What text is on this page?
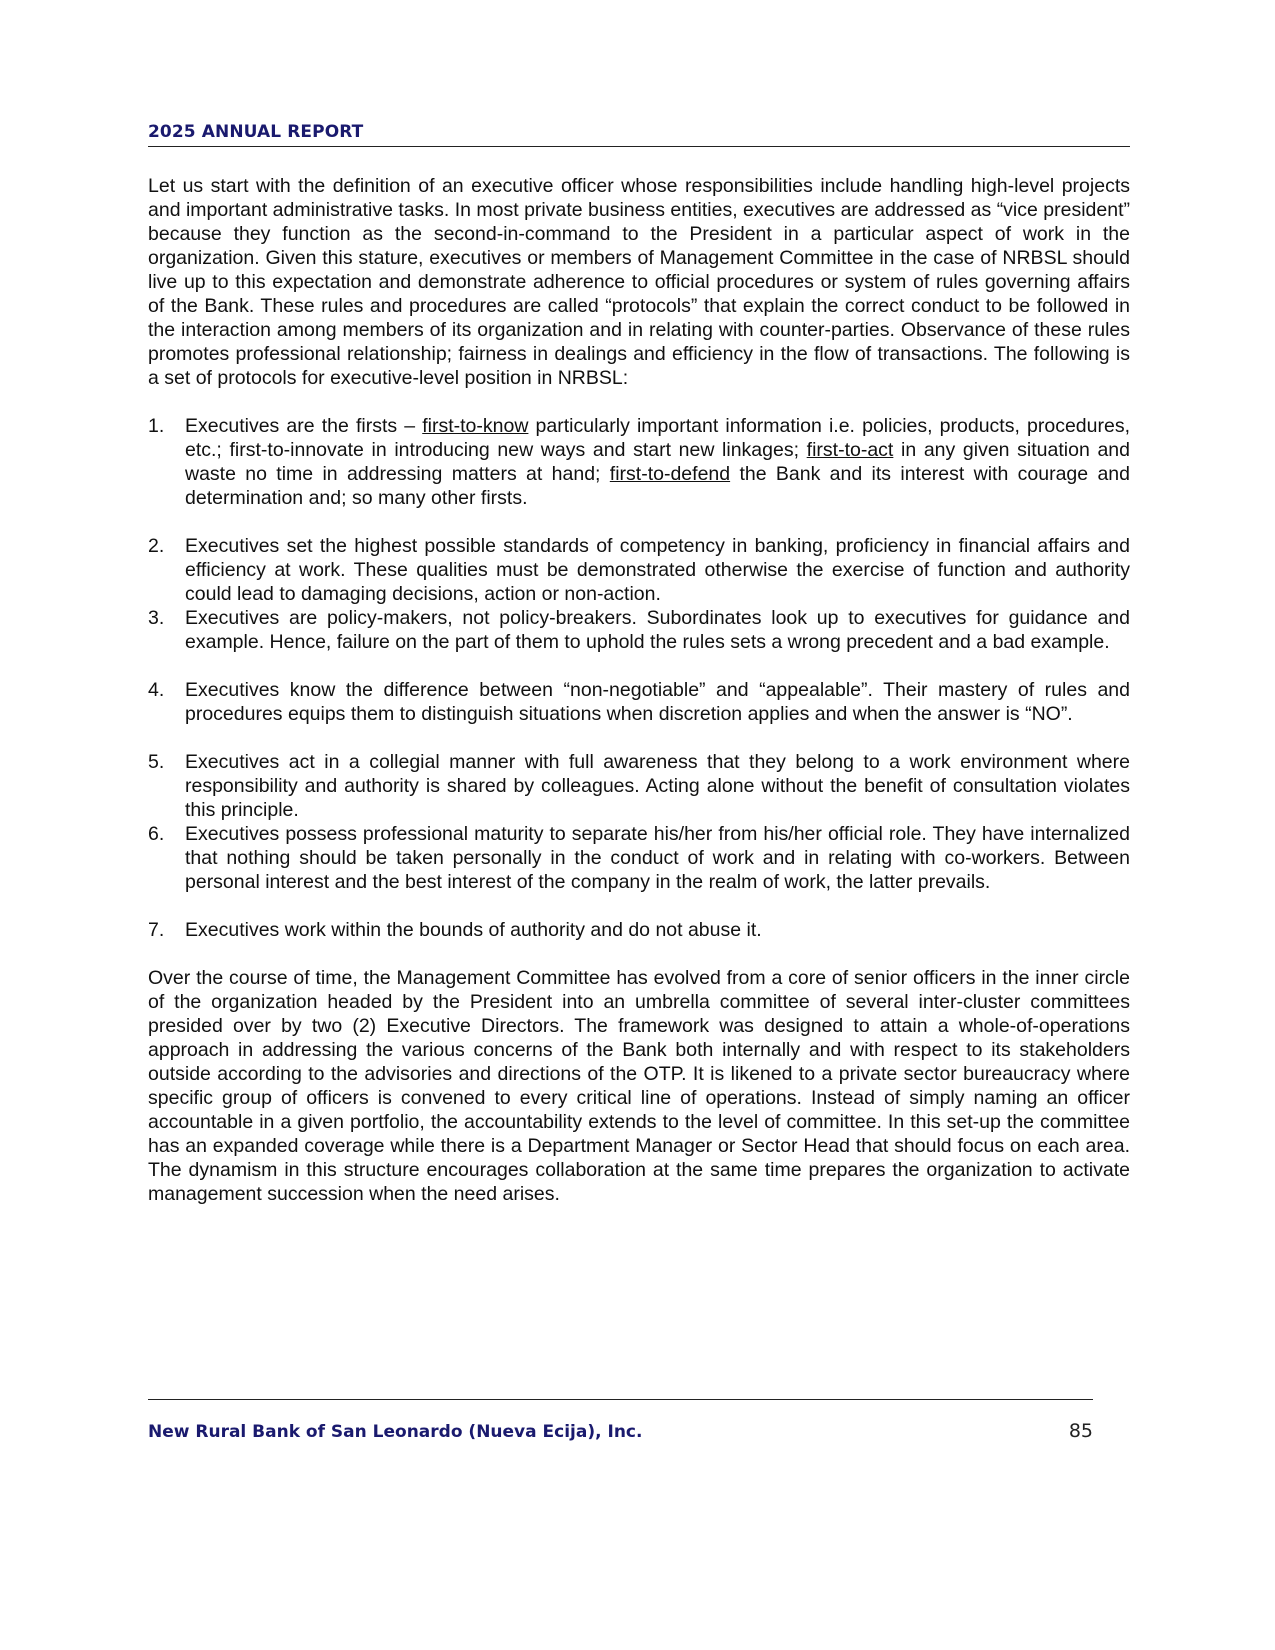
2025 ANNUAL REPORT

Let us start with the definition of an executive officer whose responsibilities include handling high-level projects and important administrative tasks. In most private business entities, executives are addressed as “vice president” because they function as the second-in-command to the President in a particular aspect of work in the organization. Given this stature, executives or members of Management Committee in the case of NRBSL should live up to this expectation and demonstrate adherence to official procedures or system of rules governing affairs of the Bank. These rules and procedures are called “protocols” that explain the correct conduct to be followed in the interaction among members of its organization and in relating with counter-parties. Observance of these rules promotes professional relationship; fairness in dealings and efficiency in the flow of transactions. The following is a set of protocols for executive-level position in NRBSL:

1. Executives are the firsts – first-to-know particularly important information i.e. policies, products, procedures, etc.; first-to-innovate in introducing new ways and start new linkages; first-to-act in any given situation and waste no time in addressing matters at hand; first-to-defend the Bank and its interest with courage and determination and; so many other firsts.
2. Executives set the highest possible standards of competency in banking, proficiency in financial affairs and efficiency at work. These qualities must be demonstrated otherwise the exercise of function and authority could lead to damaging decisions, action or non-action.
3. Executives are policy-makers, not policy-breakers. Subordinates look up to executives for guidance and example. Hence, failure on the part of them to uphold the rules sets a wrong precedent and a bad example.
4. Executives know the difference between “non-negotiable” and “appealable”. Their mastery of rules and procedures equips them to distinguish situations when discretion applies and when the answer is “NO”.
5. Executives act in a collegial manner with full awareness that they belong to a work environment where responsibility and authority is shared by colleagues. Acting alone without the benefit of consultation violates this principle.
6. Executives possess professional maturity to separate his/her from his/her official role. They have internalized that nothing should be taken personally in the conduct of work and in relating with co-workers. Between personal interest and the best interest of the company in the realm of work, the latter prevails.
7. Executives work within the bounds of authority and do not abuse it.

Over the course of time, the Management Committee has evolved from a core of senior officers in the inner circle of the organization headed by the President into an umbrella committee of several inter-cluster committees presided over by two (2) Executive Directors. The framework was designed to attain a whole-of-operations approach in addressing the various concerns of the Bank both internally and with respect to its stakeholders outside according to the advisories and directions of the OTP. It is likened to a private sector bureaucracy where specific group of officers is convened to every critical line of operations. Instead of simply naming an officer accountable in a given portfolio, the accountability extends to the level of committee. In this set-up the committee has an expanded coverage while there is a Department Manager or Sector Head that should focus on each area. The dynamism in this structure encourages collaboration at the same time prepares the organization to activate management succession when the need arises.

New Rural Bank of San Leonardo (Nueva Ecija), Inc.	85
